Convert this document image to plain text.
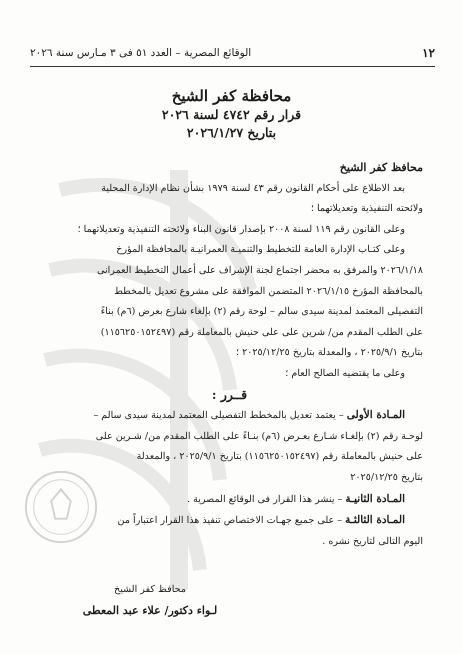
١٢
الوقائع المصرية – العدد ٥١ فى ٣ مـارس سنة ٢٠٢٦
محافظة كفر الشيخ
قرار رقم ٤٧٤٢ لسنة ٢٠٢٦
بتاريخ ٢٠٢٦/١/٢٧
محافظ كفر الشيخ
بعد الاطلاع على أحكام القانون رقم ٤٣ لسنة ١٩٧٩ بشأن نظام الإدارة المحلية
ولائحته التنفيذية وتعديلاتهما ؛
وعلى القانون رقم ١١٩ لسنة ٢٠٠٨ بإصدار قانون البناء ولائحته التنفيذية وتعديلاتهما ؛
وعلى كتـاب الإدارة العامة للتخطيط والتنميـة العمرانيـة بالمحافظة المؤرخ
٢٠٢٦/١/١٨ والمرفق به محضر اجتماع لجنة الإشراف على أعمال التخطيط العمرانى
بالمحافظة المؤرخ ٢٠٢٦/١/١٥ المتضمن الموافقة على مشروع تعديل بالمخطط
التفصيلى المعتمد لمدينة سيدى سالم – لوحة رقم (٢) بإلغاء شارع بعرض (٦م) بناءً
على الطلب المقدم من/ شرين على على حنيش بالمعاملة رقم (١١٥٦٢٥٠١٥٢٤٩٧)
بتاريخ ٢٠٢٥/٩/١ ، والمعدلة بتاريخ ٢٠٢٥/١٢/٢٥ ؛
وعلى ما يقتضيه الصالح العام ؛
قــرر :
المـادة الأولى – يعتمد تعديل بالمخطط التفصيلى المعتمد لمدينة سيدى سالم –
لوحـة رقم (٢) بإلغـاء شـارع بعـرض (٦م) بنـاءً على الطلب المقدم من/ شـرين على
على حنيش بالمعاملة رقم (١١٥٦٢٥٠١٥٢٤٩٧) بتاريخ ٢٠٢٥/٩/١ ، والمعدلة
بتاريخ ٢٠٢٥/١٢/٢٥
المـادة الثانيـة – ينشر هذا القرار فى الوقائع المصرية .
المـادة الثالثـة – على جميع جهـات الاختصاص تنفيذ هذا القرار اعتباراً من
اليوم التالى لتاريخ نشره .
محافظ كفر الشيخ
لـواء دكتور/ علاء عبد المعطى
